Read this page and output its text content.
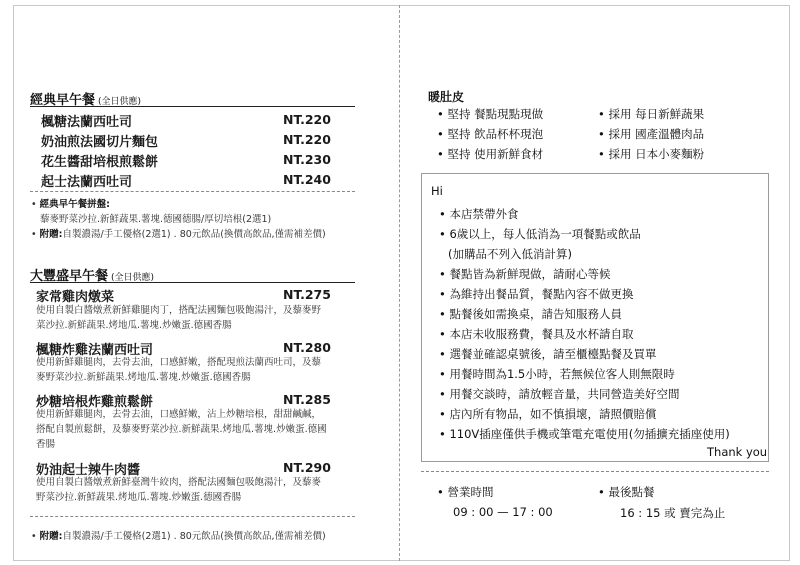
經典早午餐 (全日供應)
楓糖法蘭西吐司	NT.220
奶油煎法國切片麵包	NT.220
花生醬甜培根煎鬆餅	NT.230
起士法蘭西吐司	NT.240
• 經典早午餐拼盤:
藜麥野菜沙拉.新鮮蔬果.薯塊.德國德腸/厚切培根(2選1)
• 附贈:自製濃湯/手工優格(2選1) . 80元飲品(換價高飲品,僅需補差價)
大豐盛早午餐 (全日供應)
家常雞肉燉菜	NT.275
使用自製白醬燉煮新鮮雞腿肉丁，搭配法國麵包吸飽湯汁，及藜麥野
菜沙拉.新鮮蔬果.烤地瓜.薯塊.炒嫩蛋.德國香腸
楓糖炸雞法蘭西吐司	NT.280
使用新鮮雞腿肉，去骨去油，口感鮮嫩，搭配現煎法蘭西吐司，及藜
麥野菜沙拉.新鮮蔬果.烤地瓜.薯塊.炒嫩蛋.德國香腸
炒糖培根炸雞煎鬆餅	NT.285
使用新鮮雞腿肉，去骨去油，口感鮮嫩，沾上炒糖培根，甜甜鹹鹹，
搭配自製煎鬆餅，及藜麥野菜沙拉.新鮮蔬果.烤地瓜.薯塊.炒嫩蛋.德國
香腸
奶油起士辣牛肉醬	NT.290
使用自製白醬燉煮新鮮臺灣牛絞肉，搭配法國麵包吸飽湯汁，及藜麥
野菜沙拉.新鮮蔬果.烤地瓜.薯塊.炒嫩蛋.德國香腸
• 附贈:自製濃湯/手工優格(2選1) . 80元飲品(換價高飲品,僅需補差價)
暖肚皮
• 堅持 餐點現點現做
• 堅持 飲品杯杯現泡
• 堅持 使用新鮮食材
• 採用 每日新鮮蔬果
• 採用 國產溫體肉品
• 採用 日本小麥麵粉
Hi
• 本店禁帶外食
• 6歲以上，每人低消為一項餐點或飲品
(加購品不列入低消計算)
• 餐點皆為新鮮現做，請耐心等候
• 為維持出餐品質，餐點內容不做更換
• 點餐後如需換桌，請告知服務人員
• 本店未收服務費，餐具及水杯請自取
• 選餐並確認桌號後，請至櫃檯點餐及買單
• 用餐時間為1.5小時，若無候位客人則無限時
• 用餐交談時，請放輕音量，共同營造美好空間
• 店內所有物品，如不慎損壞，請照價賠償
• 110V插座僅供手機或筆電充電使用(勿插擴充插座使用)
Thank you
• 營業時間
09 : 00 — 17 : 00
• 最後點餐
16 : 15 或 賣完為止
